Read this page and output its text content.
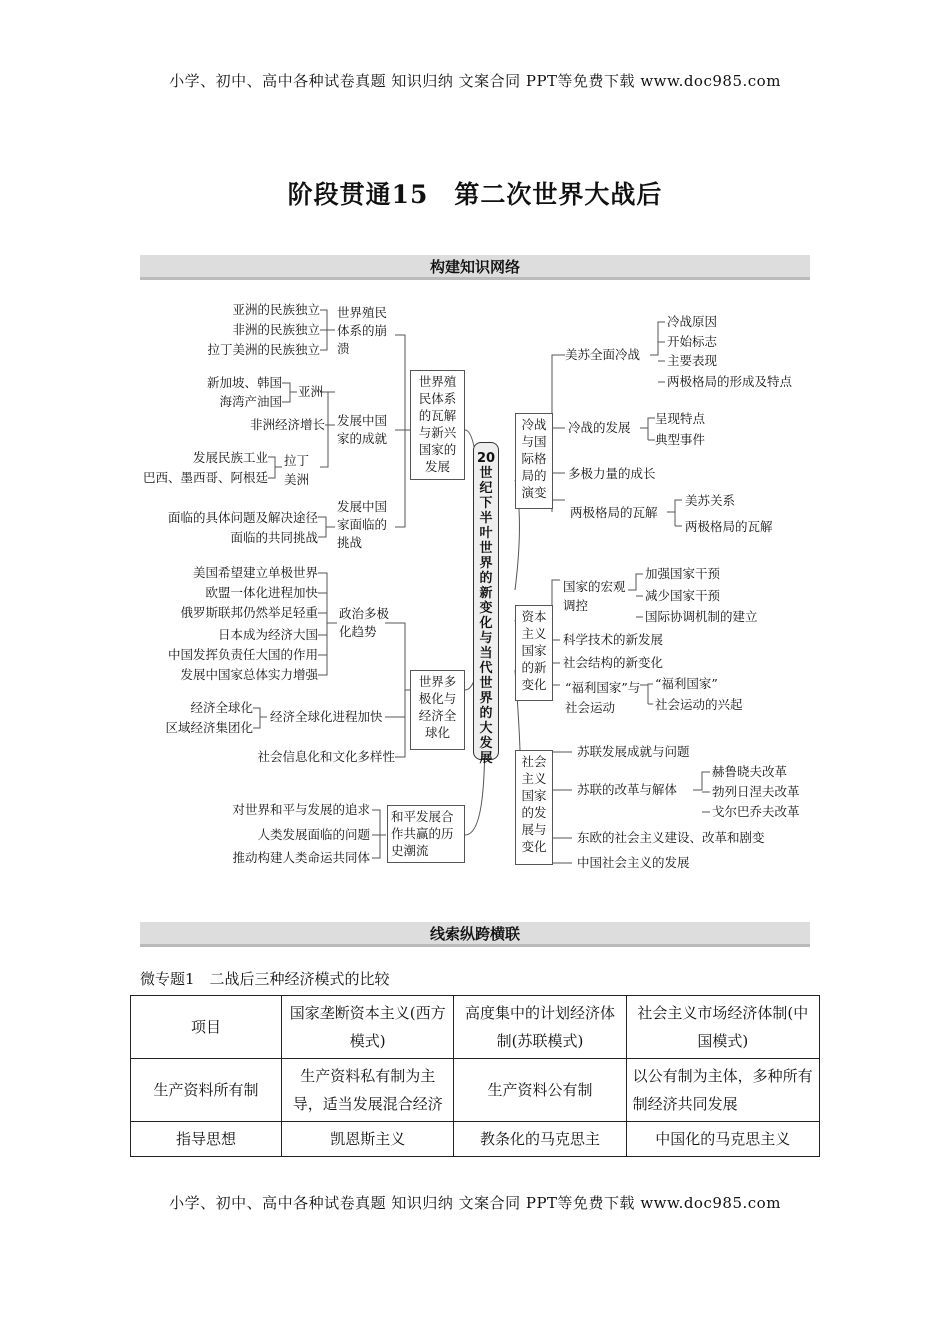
小学、初中、高中各种试卷真题 知识归纳 文案合同 PPT等免费下载 www.doc985.com
阶段贯通15　第二次世界大战后
构建知识网络
亚洲的民族独立
非洲的民族独立
拉丁美洲的民族独立
世界殖民体系的崩溃
新加坡、韩国
海湾产油国
亚洲
非洲经济增长 发展中国家的成就
发展民族工业
巴西、墨西哥、阿根廷
拉丁美洲
面临的具体问题及解决途径
面临的共同挑战
发展中国家面临的挑战
世界殖民体系的瓦解与新兴国家的发展
美国希望建立单极世界
欧盟一体化进程加快
俄罗斯联邦仍然举足轻重
日本成为经济大国
中国发挥负责任大国的作用
发展中国家总体实力增强
政治多极化趋势
经济全球化
区域经济集团化
经济全球化进程加快
社会信息化和文化多样性
世界多极化与经济全球化
对世界和平与发展的追求
人类发展面临的问题
推动构建人类命运共同体
和平发展合作共赢的历史潮流
20世纪下半叶世界的新变化与当代世界的大发展
冷战与国际格局的演变
美苏全面冷战
冷战原因
开始标志
主要表现
两极格局的形成及特点
冷战的发展
呈现特点
典型事件
多极力量的成长
两极格局的瓦解
美苏关系
两极格局的瓦解
资本主义国家的新变化
国家的宏观调控
加强国家干预
减少国家干预
国际协调机制的建立
科学技术的新发展
社会结构的新变化
“福利国家”与社会运动
“福利国家”
社会运动的兴起
社会主义国家的发展与变化
苏联发展成就与问题
苏联的改革与解体
赫鲁晓夫改革
勃列日涅夫改革
戈尔巴乔夫改革
东欧的社会主义建设、改革和剧变
中国社会主义的发展
线索纵跨横联
微专题1　二战后三种经济模式的比较
项目	国家垄断资本主义(西方模式)	高度集中的计划经济体制(苏联模式)	社会主义市场经济体制(中国模式)
生产资料所有制	生产资料私有制为主导，适当发展混合经济	生产资料公有制	以公有制为主体，多种所有制经济共同发展
指导思想	凯恩斯主义	教条化的马克思主	中国化的马克思主义
小学、初中、高中各种试卷真题 知识归纳 文案合同 PPT等免费下载 www.doc985.com
